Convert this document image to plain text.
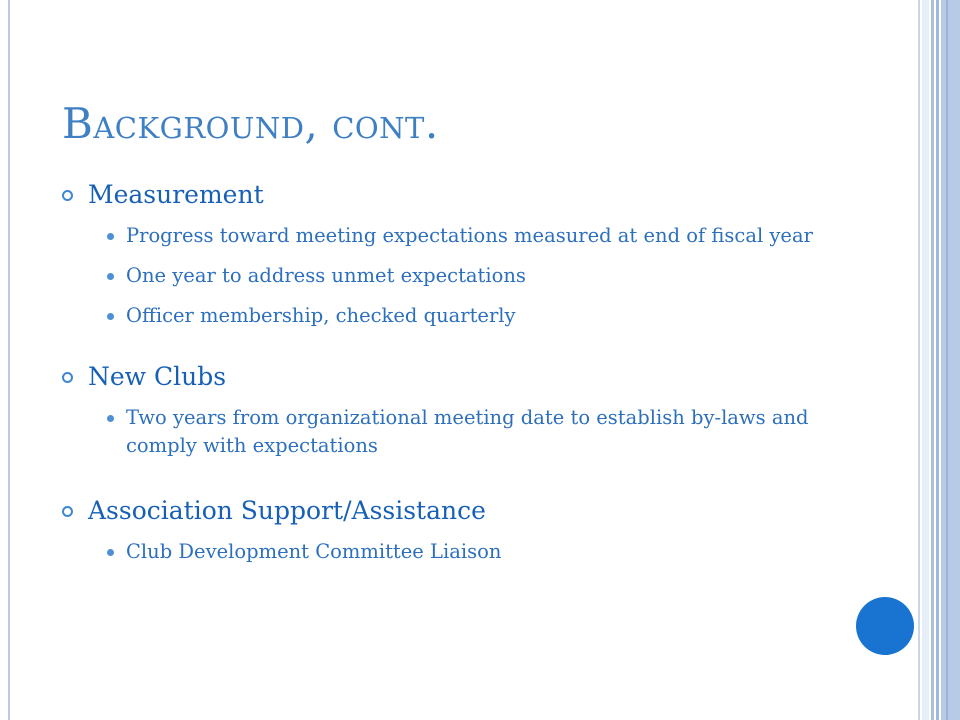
Background, cont.
Measurement
Progress toward meeting expectations measured at end of fiscal year
One year to address unmet expectations
Officer membership, checked quarterly
New Clubs
Two years from organizational meeting date to establish by-laws and comply with expectations
Association Support/Assistance
Club Development Committee Liaison
